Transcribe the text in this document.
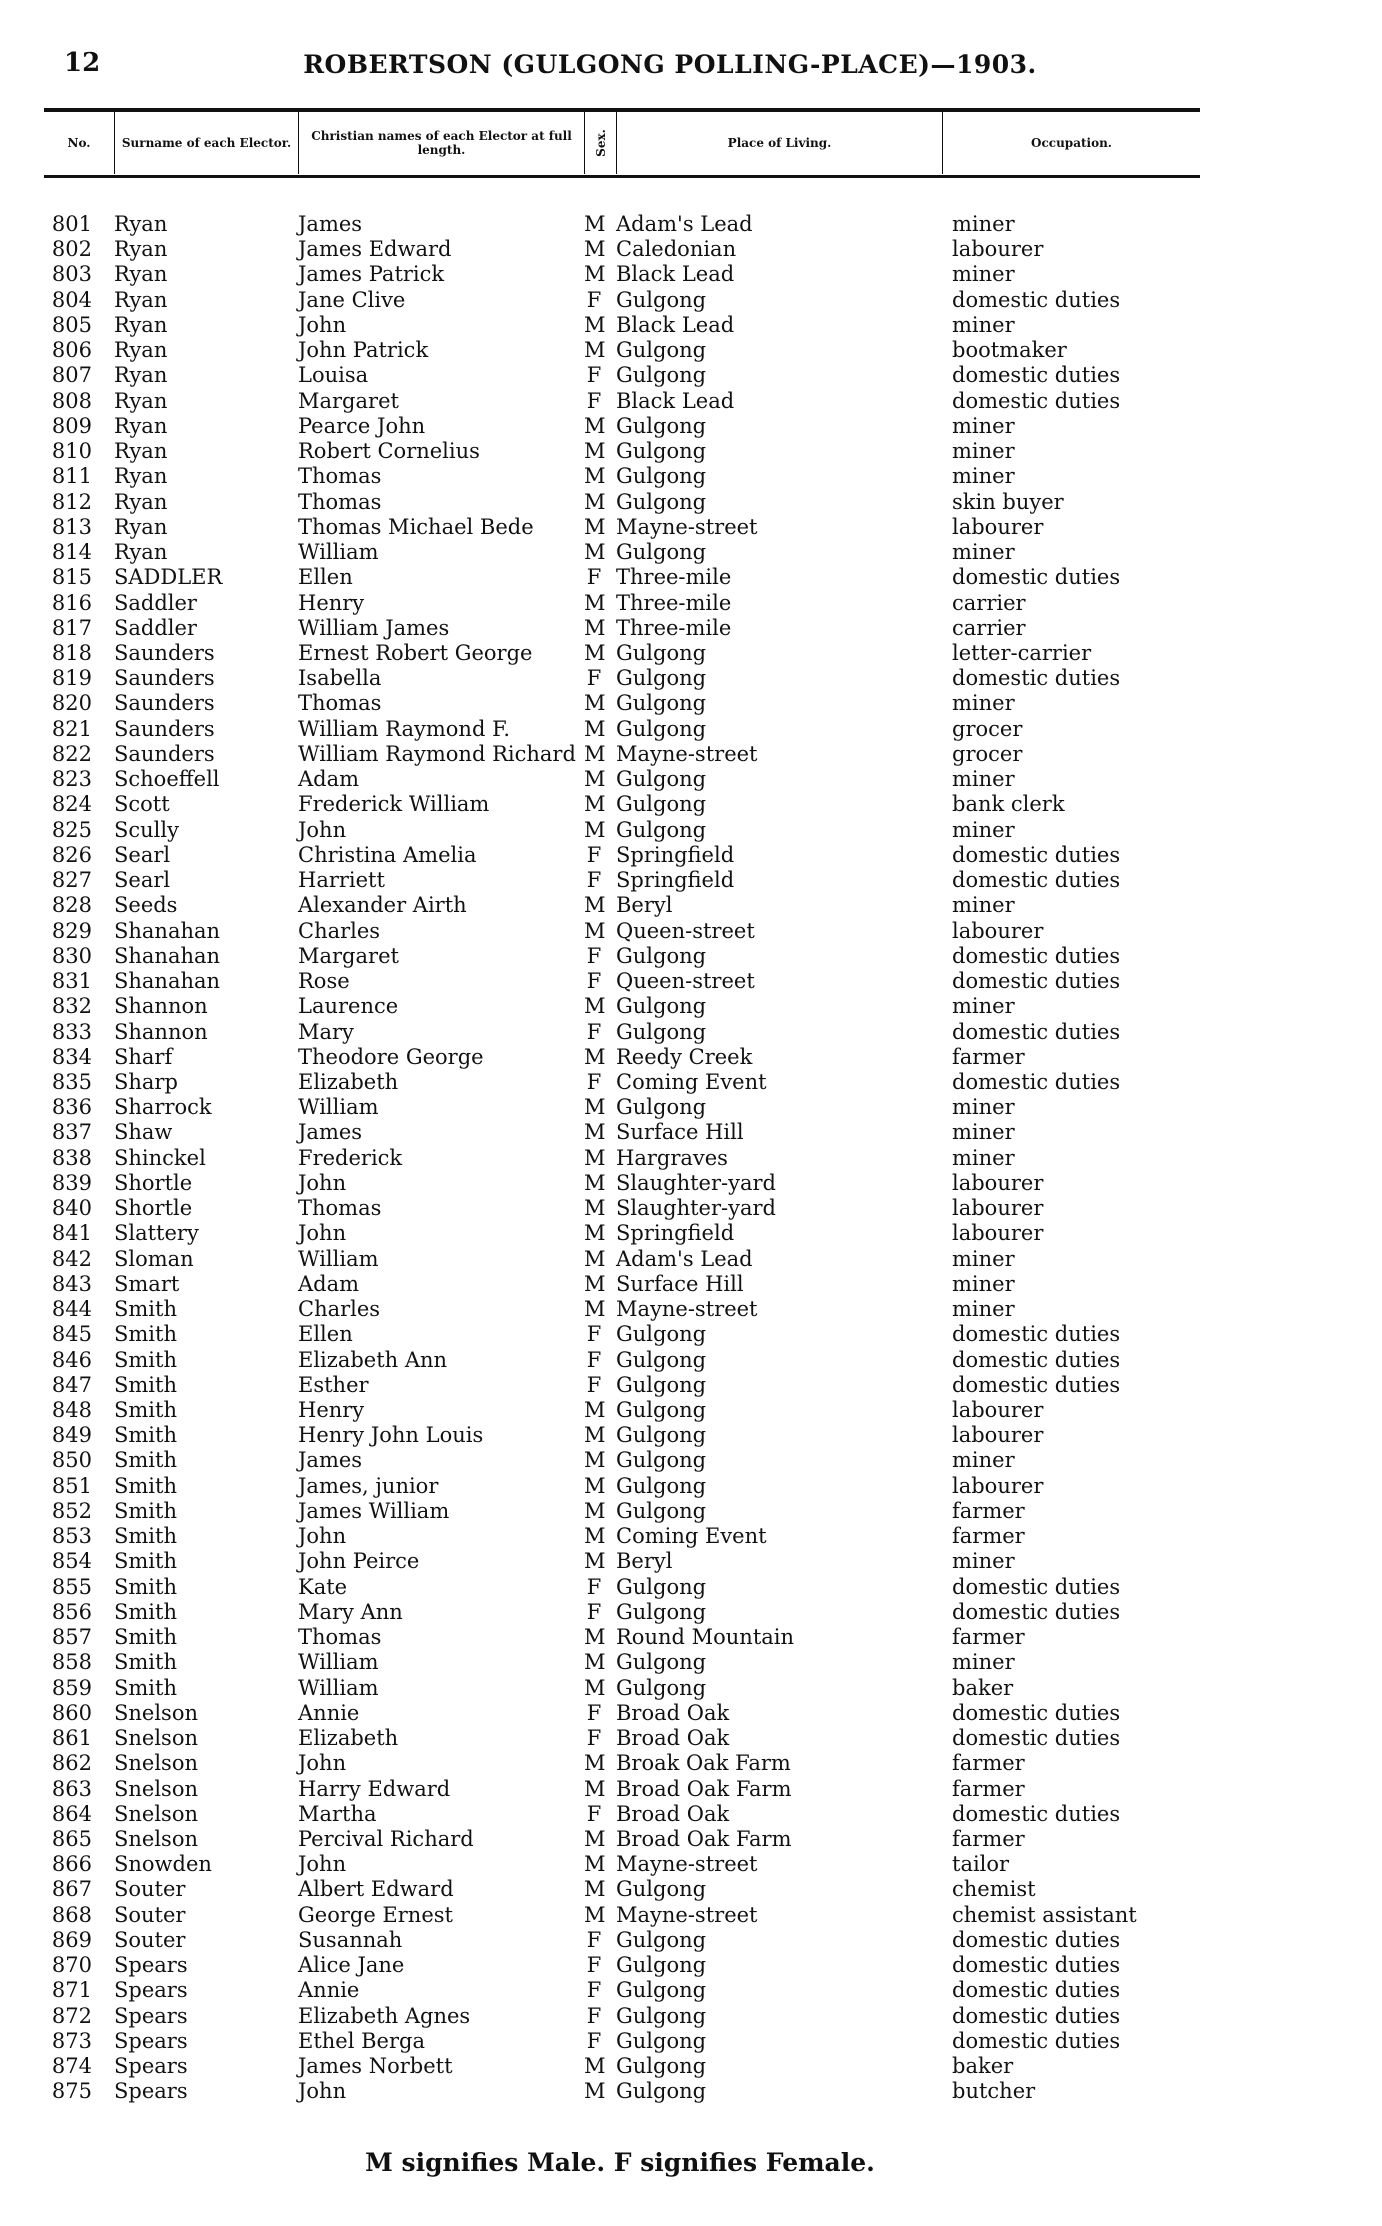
12	ROBERTSON (GULGONG POLLING-PLACE)—1903.
No.	Surname of each Elector.	Christian names of each Elector at full length.	Sex.	Place of Living.	Occupation.
801 Ryan	James	M Adam's Lead	miner
802 Ryan	James Edward	M Caledonian	labourer
803 Ryan	James Patrick	M Black Lead	miner
804 Ryan	Jane Clive	F Gulgong	domestic duties
805 Ryan	John	M Black Lead	miner
806 Ryan	John Patrick	M Gulgong	bootmaker
807 Ryan	Louisa	F Gulgong	domestic duties
808 Ryan	Margaret	F Black Lead	domestic duties
809 Ryan	Pearce John	M Gulgong	miner
810 Ryan	Robert Cornelius	M Gulgong	miner
811 Ryan	Thomas	M Gulgong	miner
812 Ryan	Thomas	M Gulgong	skin buyer
813 Ryan	Thomas Michael Bede M Mayne-street	labourer
814 Ryan	William	M Gulgong	miner
815 SADDLER	Ellen	F Three-mile	domestic duties
816 Saddler	Henry	M Three-mile	carrier
817 Saddler	William James	M Three-mile	carrier
818 Saunders	Ernest Robert George M Gulgong	letter-carrier
819 Saunders	Isabella	F Gulgong	domestic duties
820 Saunders	Thomas	M Gulgong	miner
821 Saunders	William Raymond F.	M Gulgong	grocer
822 Saunders	William Raymond Richard M Mayne-street	grocer
823 Schoeffell	Adam	M Gulgong	miner
824 Scott	Frederick William	M Gulgong	bank clerk
825 Scully	John	M Gulgong	miner
826 Searl	Christina Amelia	F Springfield	domestic duties
827 Searl	Harriett	F Springfield	domestic duties
828 Seeds	Alexander Airth	M Beryl	miner
829 Shanahan	Charles	M Queen-street	labourer
830 Shanahan	Margaret	F Gulgong	domestic duties
831 Shanahan	Rose	F Queen-street	domestic duties
832 Shannon	Laurence	M Gulgong	miner
833 Shannon	Mary	F Gulgong	domestic duties
834 Sharf	Theodore George	M Reedy Creek	farmer
835 Sharp	Elizabeth	F Coming Event	domestic duties
836 Sharrock	William	M Gulgong	miner
837 Shaw	James	M Surface Hill	miner
838 Shinckel	Frederick	M Hargraves	miner
839 Shortle	John	M Slaughter-yard	labourer
840 Shortle	Thomas	M Slaughter-yard	labourer
841 Slattery	John	M Springfield	labourer
842 Sloman	William	M Adam's Lead	miner
843 Smart	Adam	M Surface Hill	miner
844 Smith	Charles	M Mayne-street	miner
845 Smith	Ellen	F Gulgong	domestic duties
846 Smith	Elizabeth Ann	F Gulgong	domestic duties
847 Smith	Esther	F Gulgong	domestic duties
848 Smith	Henry	M Gulgong	labourer
849 Smith	Henry John Louis	M Gulgong	labourer
850 Smith	James	M Gulgong	miner
851 Smith	James, junior	M Gulgong	labourer
852 Smith	James William	M Gulgong	farmer
853 Smith	John	M Coming Event	farmer
854 Smith	John Peirce	M Beryl	miner
855 Smith	Kate	F Gulgong	domestic duties
856 Smith	Mary Ann	F Gulgong	domestic duties
857 Smith	Thomas	M Round Mountain	farmer
858 Smith	William	M Gulgong	miner
859 Smith	William	M Gulgong	baker
860 Snelson	Annie	F Broad Oak	domestic duties
861 Snelson	Elizabeth	F Broad Oak	domestic duties
862 Snelson	John	M Broak Oak Farm	farmer
863 Snelson	Harry Edward	M Broad Oak Farm	farmer
864 Snelson	Martha	F Broad Oak	domestic duties
865 Snelson	Percival Richard	M Broad Oak Farm	farmer
866 Snowden	John	M Mayne-street	tailor
867 Souter	Albert Edward	M Gulgong	chemist
868 Souter	George Ernest	M Mayne-street	chemist assistant
869 Souter	Susannah	F Gulgong	domestic duties
870 Spears	Alice Jane	F Gulgong	domestic duties
871 Spears	Annie	F Gulgong	domestic duties
872 Spears	Elizabeth Agnes	F Gulgong	domestic duties
873 Spears	Ethel Berga	F Gulgong	domestic duties
874 Spears	James Norbett	M Gulgong	baker
875 Spears	John	M Gulgong	butcher
M signifies Male. F signifies Female.
